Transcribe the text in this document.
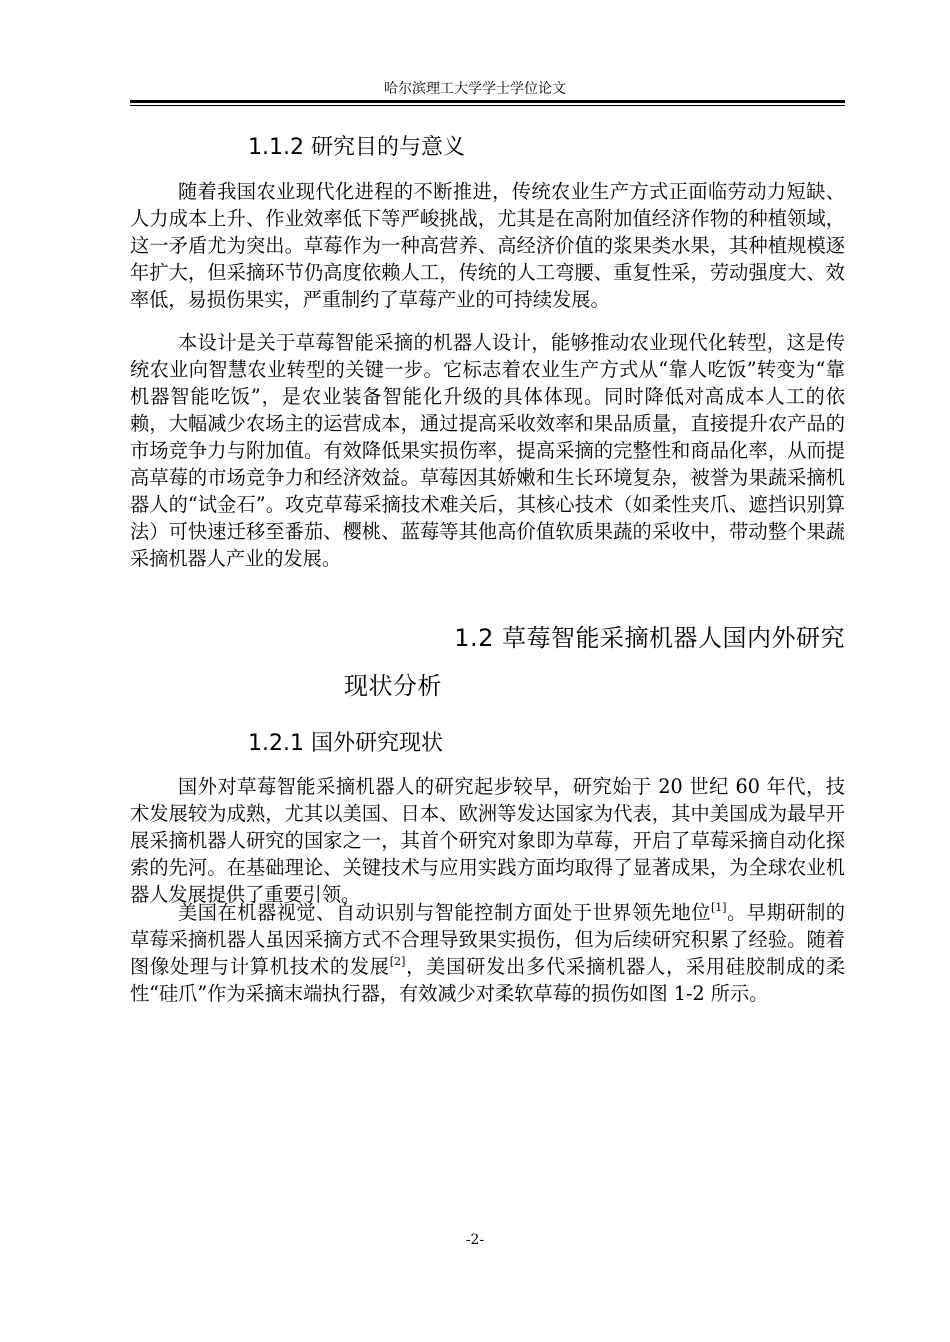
哈尔滨理工大学学士学位论文
1.1.2 研究目的与意义

随着我国农业现代化进程的不断推进，传统农业生产方式正面临劳动力短缺、人力成本上升、作业效率低下等严峻挑战，尤其是在高附加值经济作物的种植领域，这一矛盾尤为突出。草莓作为一种高营养、高经济价值的浆果类水果，其种植规模逐年扩大，但采摘环节仍高度依赖人工，传统的人工弯腰、重复性采，劳动强度大、效率低，易损伤果实，严重制约了草莓产业的可持续发展。

本设计是关于草莓智能采摘的机器人设计，能够推动农业现代化转型，这是传统农业向智慧农业转型的关键一步。它标志着农业生产方式从“靠人吃饭”转变为“靠机器智能吃饭”，是农业装备智能化升级的具体体现。同时降低对高成本人工的依赖，大幅减少农场主的运营成本，通过提高采收效率和果品质量，直接提升农产品的市场竞争力与附加值。有效降低果实损伤率，提高采摘的完整性和商品化率，从而提高草莓的市场竞争力和经济效益。草莓因其娇嫩和生长环境复杂，被誉为果蔬采摘机器人的“试金石”。攻克草莓采摘技术难关后，其核心技术（如柔性夹爪、遮挡识别算法）可快速迁移至番茄、樱桃、蓝莓等其他高价值软质果蔬的采收中，带动整个果蔬采摘机器人产业的发展。

1.2 草莓智能采摘机器人国内外研究
现状分析
1.2.1 国外研究现状

国外对草莓智能采摘机器人的研究起步较早，研究始于 20 世纪 60 年代，技术发展较为成熟，尤其以美国、日本、欧洲等发达国家为代表，其中美国成为最早开展采摘机器人研究的国家之一，其首个研究对象即为草莓，开启了草莓采摘自动化探索的先河。在基础理论、关键技术与应用实践方面均取得了显著成果，为全球农业机器人发展提供了重要引领。

美国在机器视觉、自动识别与智能控制方面处于世界领先地位[1]。早期研制的草莓采摘机器人虽因采摘方式不合理导致果实损伤，但为后续研究积累了经验。随着图像处理与计算机技术的发展[2]，美国研发出多代采摘机器人，采用硅胶制成的柔性“硅爪”作为采摘末端执行器，有效减少对柔软草莓的损伤如图 1-2 所示。

-2-
